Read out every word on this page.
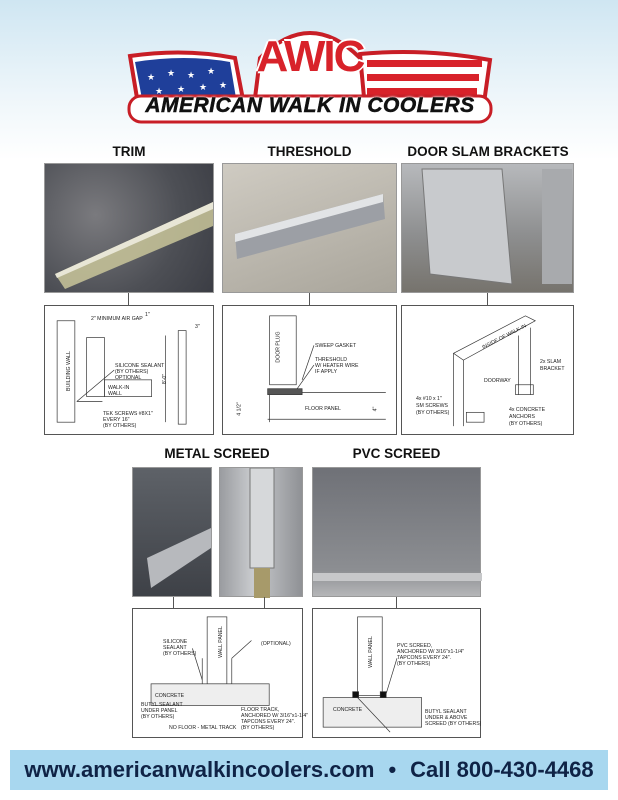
★ ★ ★ ★
★ ★ ★ ★
AWIC
AMERICAN WALK IN COOLERS
TRIM	THRESHOLD	DOOR SLAM BRACKETS
2" MINIMUM AIR GAP
1"
3"
BUILDING WALL	SILICONE SEALANT
(BY OTHERS)
OPTIONAL
WALK-IN
WALL
8'-0"
TEK SCREWS #8X1"
EVERY 16"
(BY OTHERS)
DOOR PLUG	SWEEP GASKET
THRESHOLD
W/ HEATER WIRE
IF APPLY
FLOOR PANEL
4 1/2"	4"
INSIDE OF WALK-IN
2x SLAM
BRACKET
DOORWAY
4x #10 x 1"
SM SCREWS
(BY OTHERS)	4x CONCRETE
ANCHORS
(BY OTHERS)
METAL SCREED	PVC SCREED
SILICONE
SEALANT
(BY OTHERS)	WALL PANEL	(OPTIONAL)
CONCRETE
BUTYL SEALANT
UNDER PANEL
(BY OTHERS)
FLOOR TRACK,
ANCHORED W/ 3/16"x1-1/4"
TAPCONS EVERY 24".
(BY OTHERS)
NO FLOOR - METAL TRACK
WALL PANEL	PVC SCREED,
ANCHORED W/ 3/16"x1-1/4"
TAPCONS EVERY 24".
(BY OTHERS)
CONCRETE	BUTYL SEALANT
UNDER & ABOVE
SCREED (BY OTHERS)
www.americanwalkincoolers.com • Call 800-430-4468
